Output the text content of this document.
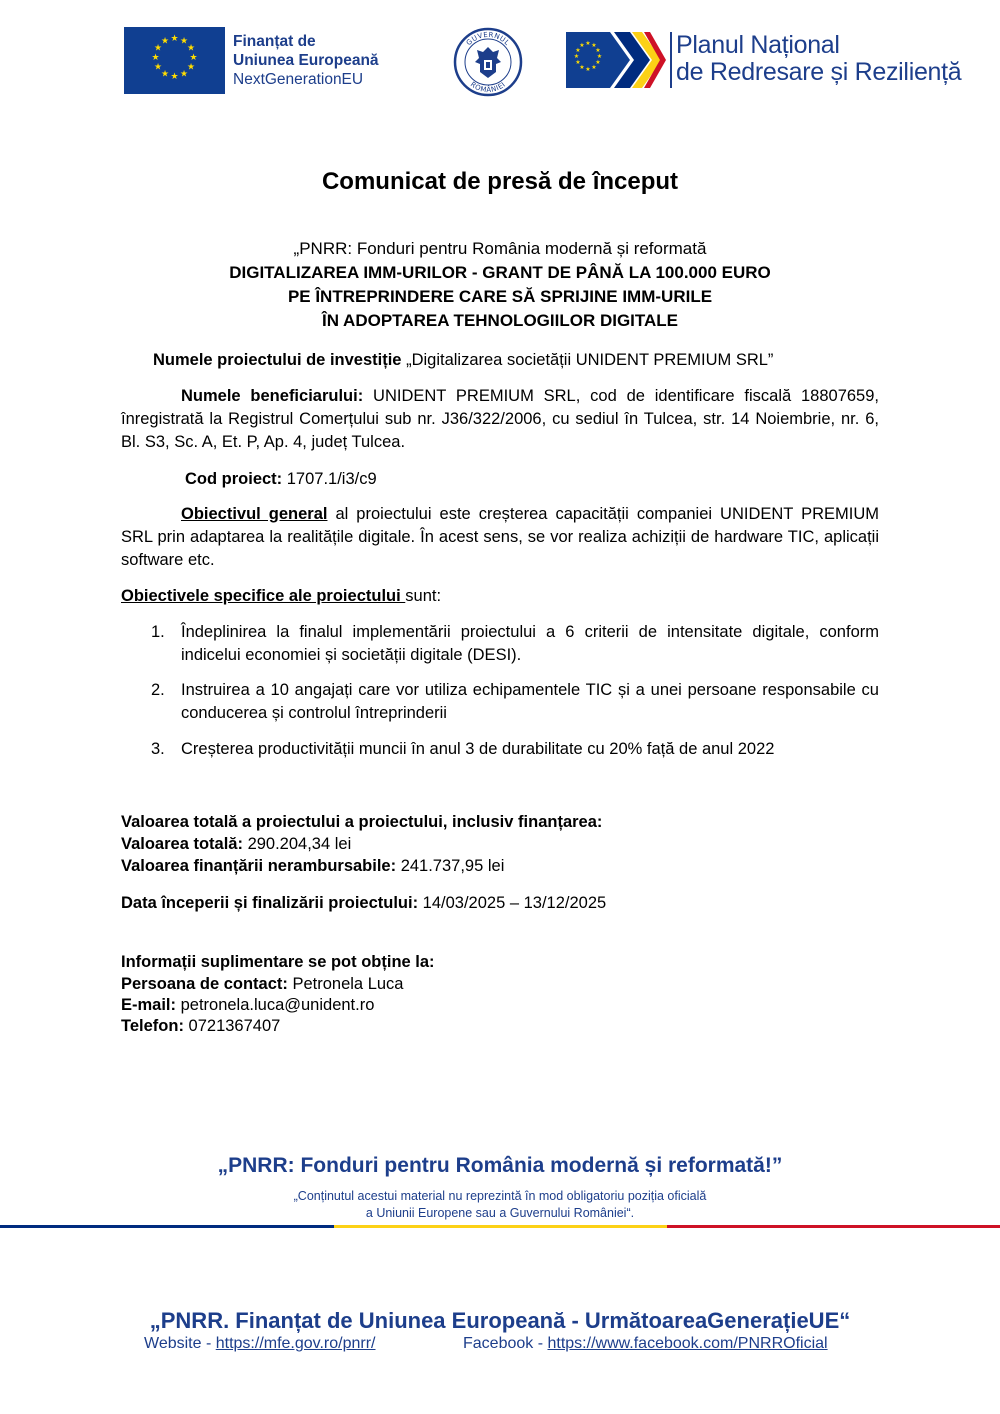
★ ★
★
★
★
★
★
★
★
★
★
★	Finanțat de
Uniunea Europeană
NextGenerationEU
GUVERNUL
ROMÂNIEI
★ ★
★
★
★
★
★
★
★
★
★
★	Planul Național
de Redresare și Reziliență
Comunicat de presă de început
„PNRR: Fonduri pentru România modernă și reformată
DIGITALIZAREA IMM-URILOR - GRANT DE PÂNĂ LA 100.000 EURO
PE ÎNTREPRINDERE CARE SĂ SPRIJINE IMM-URILE
ÎN ADOPTAREA TEHNOLOGIILOR DIGITALE
Numele proiectului de investiție „Digitalizarea societății UNIDENT PREMIUM SRL”
Numele beneficiarului: UNIDENT PREMIUM SRL, cod de identificare fiscală 18807659, înregistrată la Registrul Comerțului sub nr. J36/322/2006, cu sediul în Tulcea, str. 14 Noiembrie, nr. 6, Bl. S3, Sc. A, Et. P, Ap. 4, județ Tulcea.
Cod proiect: 1707.1/i3/c9
Obiectivul general al proiectului este creșterea capacității companiei UNIDENT PREMIUM SRL prin adaptarea la realitățile digitale. În acest sens, se vor realiza achiziții de hardware TIC, aplicații software etc.
Obiectivele specifice ale proiectului sunt:
1. Îndeplinirea la finalul implementării proiectului a 6 criterii de intensitate digitale, conform indicelui economiei și societății digitale (DESI).
2. Instruirea a 10 angajați care vor utiliza echipamentele TIC și a unei persoane responsabile cu conducerea și controlul întreprinderii
3. Creșterea productivității muncii în anul 3 de durabilitate cu 20% față de anul 2022
Valoarea totală a proiectului a proiectului, inclusiv finanțarea:
Valoarea totală: 290.204,34 lei
Valoarea finanțării nerambursabile: 241.737,95 lei
Data începerii și finalizării proiectului: 14/03/2025 – 13/12/2025
Informații suplimentare se pot obține la:
Persoana de contact: Petronela Luca
E-mail: petronela.luca@unident.ro
Telefon: 0721367407
„PNRR: Fonduri pentru România modernă și reformată!”
„Conținutul acestui material nu reprezintă în mod obligatoriu poziția oficială
a Uniunii Europene sau a Guvernului României“.
„PNRR. Finanțat de Uniunea Europeană - UrmătoareaGenerațieUE“
Website - https://mfe.gov.ro/pnrr/	Facebook - https://www.facebook.com/PNRROficial
